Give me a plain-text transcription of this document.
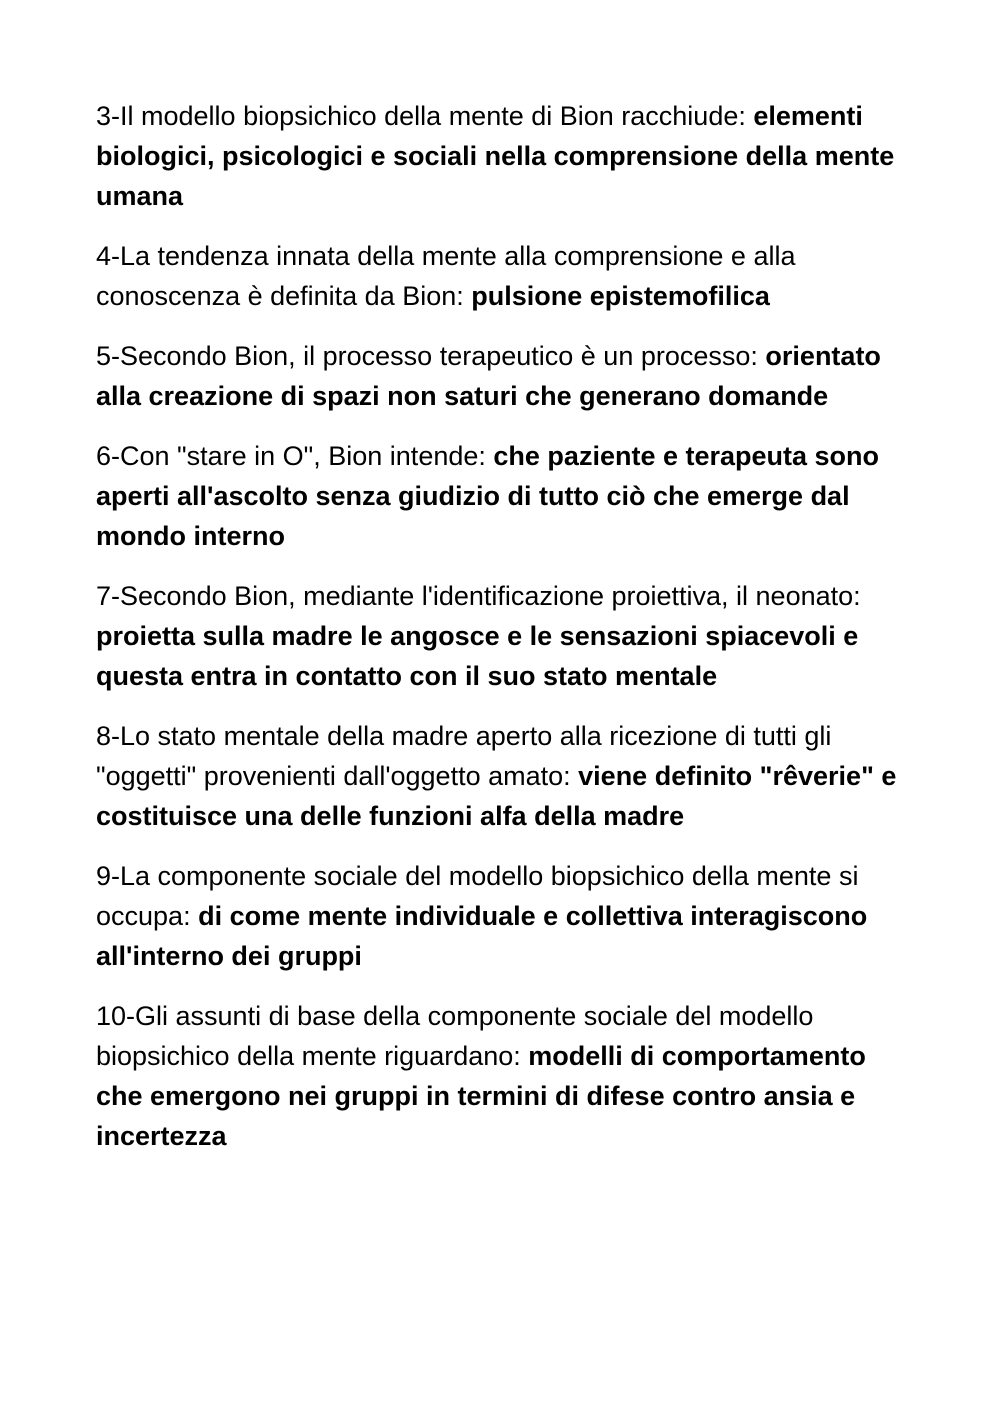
3-Il modello biopsichico della mente di Bion racchiude: elementi biologici, psicologici e sociali nella comprensione della mente umana

4-La tendenza innata della mente alla comprensione e alla conoscenza è definita da Bion: pulsione epistemofilica

5-Secondo Bion, il processo terapeutico è un processo: orientato alla creazione di spazi non saturi che generano domande

6-Con "stare in O", Bion intende: che paziente e terapeuta sono aperti all'ascolto senza giudizio di tutto ciò che emerge dal mondo interno

7-Secondo Bion, mediante l'identificazione proiettiva, il neonato: proietta sulla madre le angosce e le sensazioni spiacevoli e questa entra in contatto con il suo stato mentale

8-Lo stato mentale della madre aperto alla ricezione di tutti gli "oggetti" provenienti dall'oggetto amato: viene definito "rêverie" e costituisce una delle funzioni alfa della madre

9-La componente sociale del modello biopsichico della mente si occupa: di come mente individuale e collettiva interagiscono all'interno dei gruppi

10-Gli assunti di base della componente sociale del modello biopsichico della mente riguardano: modelli di comportamento che emergono nei gruppi in termini di difese contro ansia e incertezza
